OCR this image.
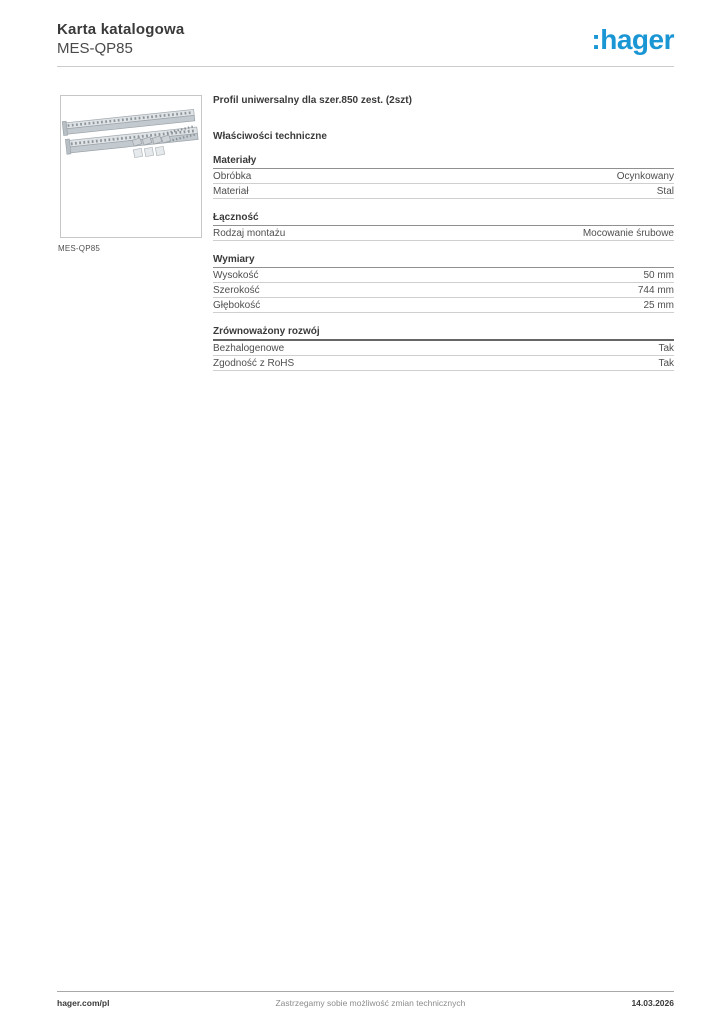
Karta katalogowa
MES-QP85	:hager
MES-QP85
Profil uniwersalny dla szer.850 zest. (2szt)
Właściwości techniczne
Materiały
Obróbka	Ocynkowany
Materiał	Stal
Łączność
Rodzaj montażu	Mocowanie śrubowe
Wymiary
Wysokość	50 mm
Szerokość	744 mm
Głębokość	25 mm
Zrównoważony rozwój
Bezhalogenowe	Tak
Zgodność z RoHS	Tak
hager.com/pl	Zastrzegamy sobie możliwość zmian technicznych	14.03.2026
